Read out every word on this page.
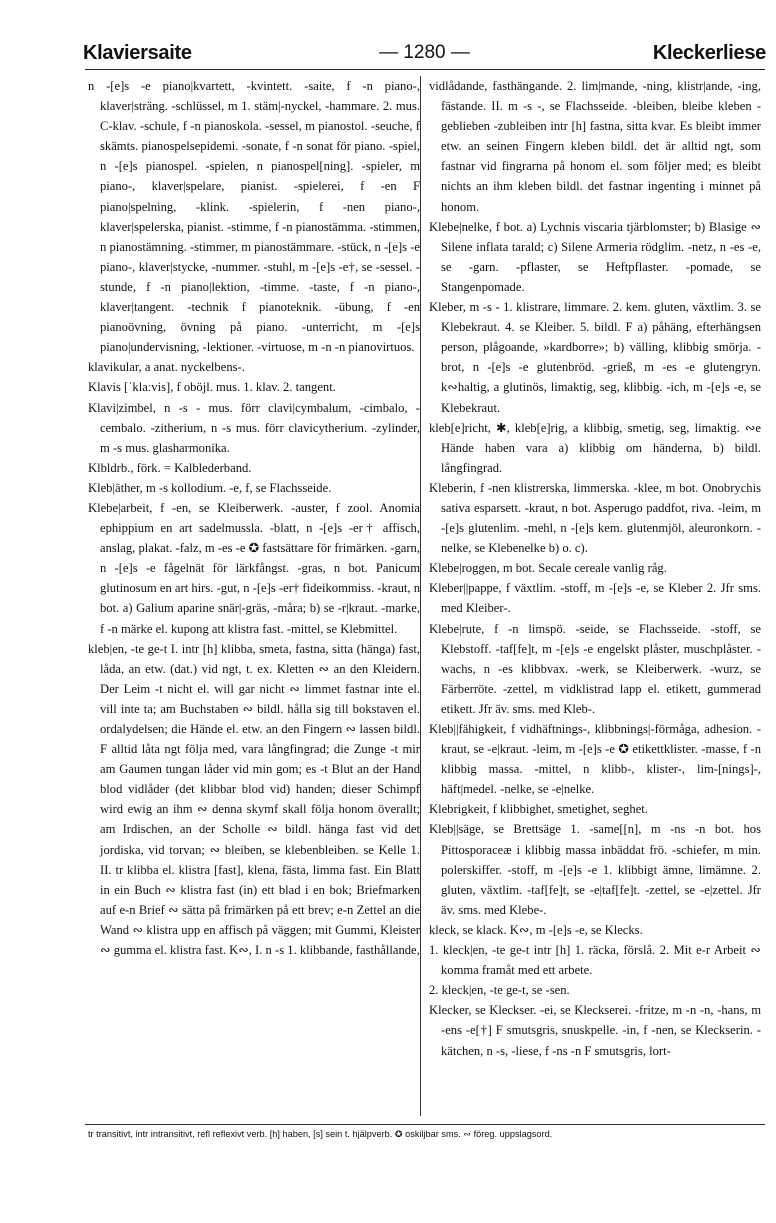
Klaviersaite	— 1280 —	Kleckerliese

n -[e]s -e piano|kvartett, -kvintett. -saite, f -n piano-, klaver|sträng. -schlüssel, m 1. stäm|-nyckel, -hammare. 2. mus. C-klav. -schule, f -n pianoskola. -sessel, m pianostol. -seuche, f skämts. pianospelsepidemi. -sonate, f -n sonat för piano. -spiel, n -[e]s pianospel. -spielen, n pianospel[ning]. -spieler, m piano-, klaver|spelare, pianist. -spielerei, f -en F piano|spelning, -klink. -spielerin, f -nen piano-, klaver|spelerska, pianist. -stimme, f -n pianostämma. -stimmen, n pianostämning. -stimmer, m pianostämmare. -stück, n -[e]s -e piano-, klaver|stycke, -nummer. -stuhl, m -[e]s -e†, se -sessel. -stunde, f -n piano|lektion, -timme. -taste, f -n piano-, klaver|tangent. -technik f pianoteknik. -übung, f -en pianoövning, övning på piano. -unterricht, m -[e]s piano|undervisning, -lektioner. -virtuose, m -n -n pianovirtuos.

klavikular, a anat. nyckelbens-.

Klavis [ˈklaːvis], f oböjl. mus. 1. klav. 2. tangent.

Klavi|zimbel, n -s - mus. förr clavi|cymbalum, -cimbalo, -cembalo. -zitherium, n -s mus. förr clavicytherium. -zylinder, m -s mus. glasharmonika.

Klbldrb., förk. = Kalblederband.

Kleb|äther, m -s kollodium. -e, f, se Flachsseide.

Klebe|arbeit, f -en, se Kleiberwerk. -auster, f zool. Anomia ephippium en art sadelmussla. -blatt, n -[e]s -er† affisch, anslag, plakat. -falz, m -es -e ✪ fastsättare för frimärken. -garn, n -[e]s -e fågelnät för lärkfångst. -gras, n bot. Panicum glutinosum en art hirs. -gut, n -[e]s -er† fideikommiss. -kraut, n bot. a) Galium aparine snär|-gräs, -måra; b) se -r|kraut. -marke, f -n märke el. kupong att klistra fast. -mittel, se Klebmittel.

kleb|en, -te ge-t I. intr [h] klibba, smeta, fastna, sitta (hänga) fast, låda, an etw. (dat.) vid ngt, t. ex. Kletten ∾ an den Kleidern. Der Leim -t nicht el. will gar nicht ∾ limmet fastnar inte el. vill inte ta; am Buchstaben ∾ bildl. hålla sig till bokstaven el. ordalydelsen; die Hände el. etw. an den Fingern ∾ lassen bildl. F alltid låta ngt följa med, vara långfingrad; die Zunge -t mir am Gaumen tungan låder vid min gom; es -t Blut an der Hand blod vidlåder (det klibbar blod vid) handen; dieser Schimpf wird ewig an ihm ∾ denna skymf skall följa honom överallt; am Irdischen, an der Scholle ∾ bildl. hänga fast vid det jordiska, vid torvan; ∾ bleiben, se klebenbleiben. se Kelle 1. II. tr klibba el. klistra [fast], klena, fästa, limma fast. Ein Blatt in ein Buch ∾ klistra fast (in) ett blad i en bok; Briefmarken auf e-n Brief ∾ sätta på frimärken på ett brev; e-n Zettel an die Wand ∾ klistra upp en affisch på väggen; mit Gummi, Kleister ∾ gumma el. klistra fast. K∾, I. n -s 1. klibbande, fasthållande,

vidlådande, fasthängande. 2. lim|mande, -ning, klistr|ande, -ing, fästande. II. m -s -, se Flachsseide. -bleiben, bleibe kleben -geblieben -zubleiben intr [h] fastna, sitta kvar. Es bleibt immer etw. an seinen Fingern kleben bildl. det är alltid ngt, som fastnar vid fingrarna på honom el. som följer med; es bleibt nichts an ihm kleben bildl. det fastnar ingenting i minnet på honom.

Klebe|nelke, f bot. a) Lychnis viscaria tjärblomster; b) Blasige ∾ Silene inflata tarald; c) Silene Armeria rödglim. -netz, n -es -e, se -garn. -pflaster, se Heftpflaster. -pomade, se Stangenpomade.

Kleber, m -s - 1. klistrare, limmare. 2. kem. gluten, växtlim. 3. se Klebekraut. 4. se Kleiber. 5. bildl. F a) påhäng, efterhängsen person, plågoande, »kardborre»; b) välling, klibbig smörja. -brot, n -[e]s -e glutenbröd. -grieß, m -es -e glutengryn. k∾haltig, a glutinös, limaktig, seg, klibbig. -ich, m -[e]s -e, se Klebekraut.

kleb[e]richt, ✱, kleb[e]rig, a klibbig, smetig, seg, limaktig. ∾e Hände haben vara a) klibbig om händerna, b) bildl. långfingrad.

Kleberin, f -nen klistrerska, limmerska. -klee, m bot. Onobrychis sativa esparsett. -kraut, n bot. Asperugo paddfot, riva. -leim, m -[e]s glutenlim. -mehl, n -[e]s kem. glutenmjöl, aleuronkorn. -nelke, se Klebenelke b) o. c).

Klebe|roggen, m bot. Secale cereale vanlig råg.

Kleber||pappe, f växtlim. -stoff, m -[e]s -e, se Kleber 2. Jfr sms. med Kleiber-.

Klebe|rute, f -n limspö. -seide, se Flachsseide. -stoff, se Klebstoff. -taf[fe]t, m -[e]s -e engelskt plåster, muschplåster. -wachs, n -es klibbvax. -werk, se Kleiberwerk. -wurz, se Färberröte. -zettel, m vidklistrad lapp el. etikett, gummerad etikett. Jfr äv. sms. med Kleb-.

Kleb||fähigkeit, f vidhäftnings-, klibbnings|-förmåga, adhesion. -kraut, se -e|kraut. -leim, m -[e]s -e ✪ etikettklister. -masse, f -n klibbig massa. -mittel, n klibb-, klister-, lim-[nings]-, häft|medel. -nelke, se -e|nelke.

Klebrigkeit, f klibbighet, smetighet, seghet.

Kleb||säge, se Brettsäge 1. -same[[n], m -ns -n bot. hos Pittosporaceæ i klibbig massa inbäddat frö. -schiefer, m min. polerskiffer. -stoff, m -[e]s -e 1. klibbigt ämne, limämne. 2. gluten, växtlim. -taf[fe]t, se -e|taf[fe]t. -zettel, se -e|zettel. Jfr äv. sms. med Klebe-.

kleck, se klack. K∾, m -[e]s -e, se Klecks.

1. kleck|en, -te ge-t intr [h] 1. räcka, förslå. 2. Mit e-r Arbeit ∾ komma framåt med ett arbete.

2. kleck|en, -te ge-t, se -sen.

Klecker, se Kleckser. -ei, se Kleckserei. -fritze, m -n -n, -hans, m -ens -e[†] F smutsgris, snuskpelle. -in, f -nen, se Kleckserin. -kätchen, n -s, -liese, f -ns -n F smutsgris, lort-

tr transitivt, intr intransitivt, refl reflexivt verb. [h] haben, [s] sein t. hjälpverb. ✪ oskiljbar sms. ∾ föreg. uppslagsord.
